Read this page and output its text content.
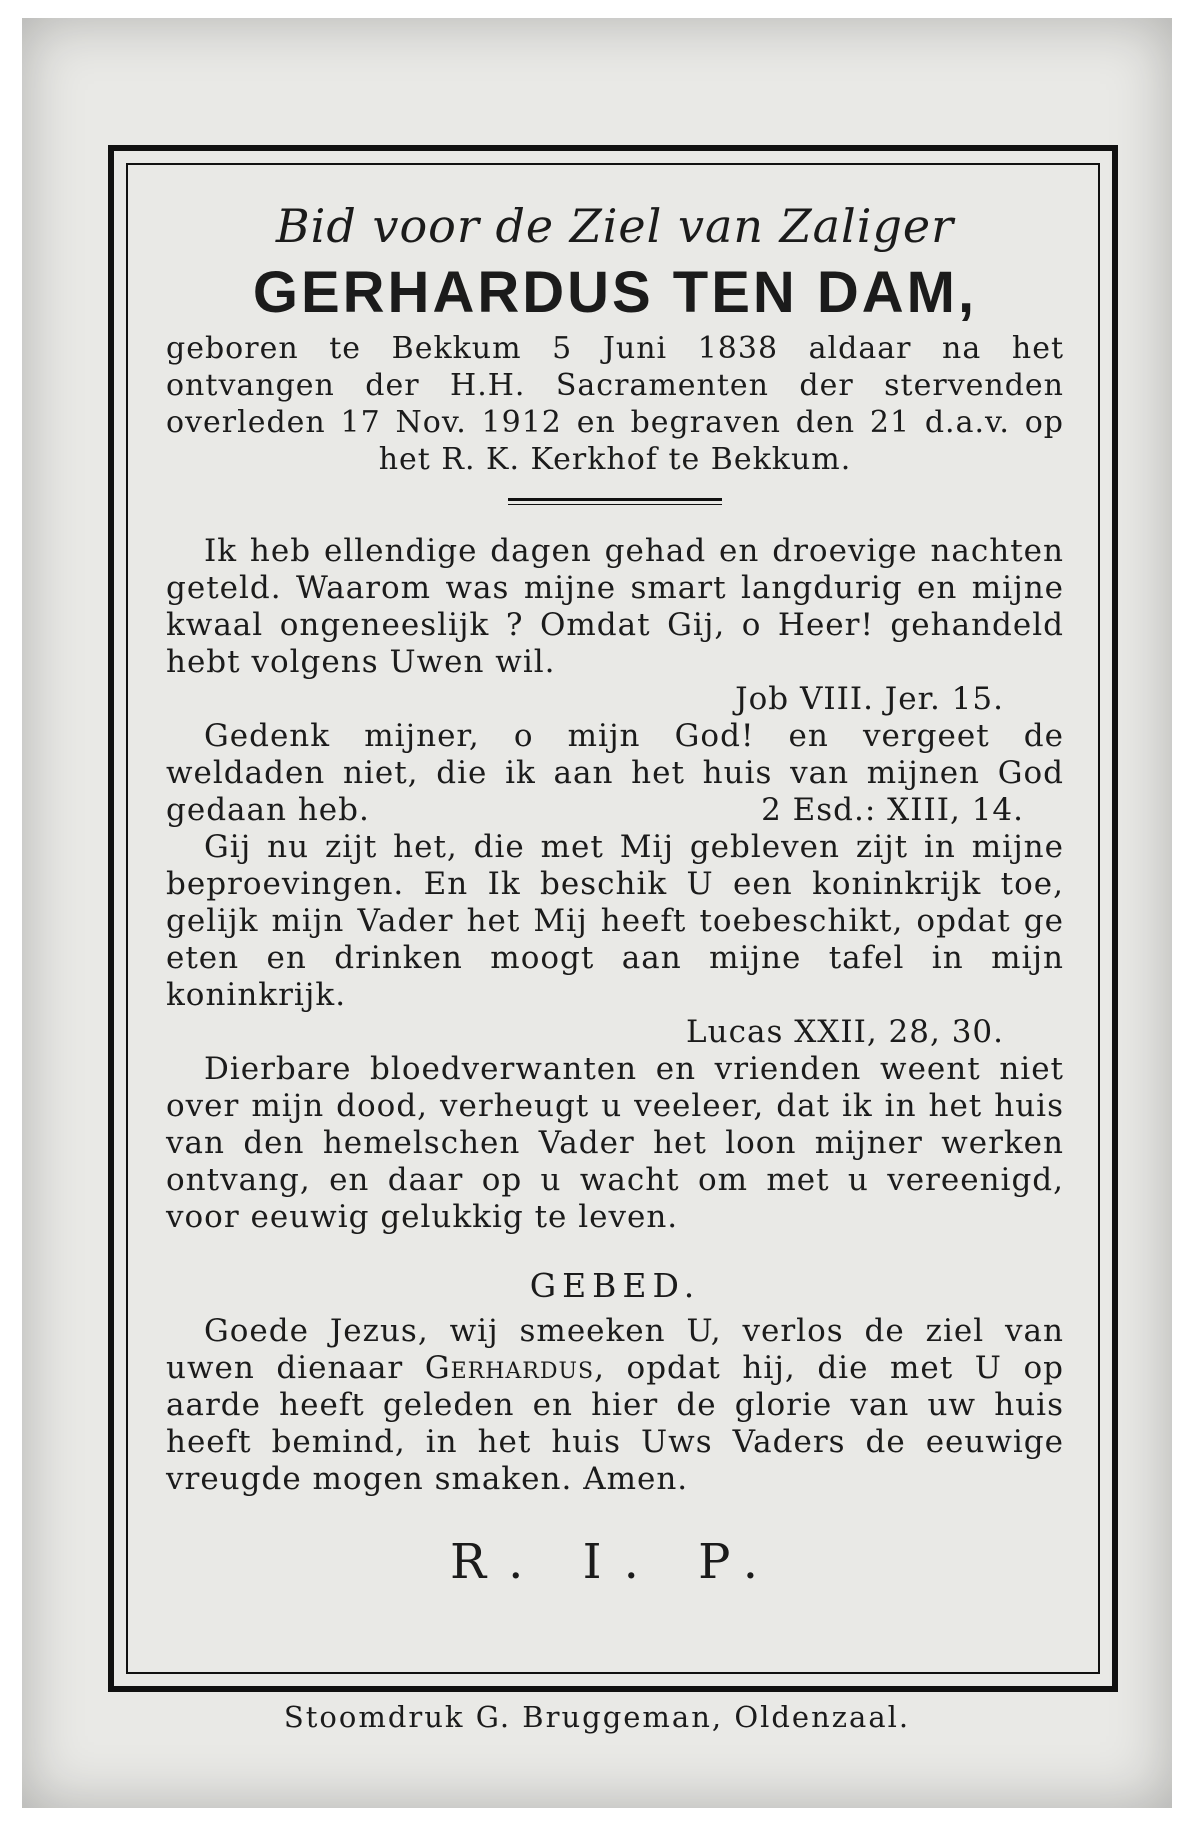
Bid voor de Ziel van Zaliger
GERHARDUS TEN DAM,
geboren te Bekkum 5 Juni 1838 aldaar na het ontvangen der H.H. Sacramenten der stervenden overleden 17 Nov. 1912 en begraven den 21 d.a.v. op het R. K. Kerkhof te Bekkum.

Ik heb ellendige dagen gehad en droevige nachten geteld. Waarom was mijne smart langdurig en mijne kwaal ongeneeslijk ? Omdat Gij, o Heer! gehandeld hebt volgens Uwen wil.

Job VIII. Jer. 15.

Gedenk mijner, o mijn God! en vergeet de weldaden niet, die ik aan het huis van mijnen God gedaan heb.	2 Esd.: XIII, 14.

Gij nu zijt het, die met Mij gebleven zijt in mijne beproevingen. En Ik beschik U een koninkrijk toe, gelijk mijn Vader het Mij heeft toebeschikt, opdat ge eten en drinken moogt aan mijne tafel in mijn koninkrijk.

Lucas XXII, 28, 30.

Dierbare bloedverwanten en vrienden weent niet over mijn dood, verheugt u veeleer, dat ik in het huis van den hemelschen Vader het loon mijner werken ontvang, en daar op u wacht om met u vereenigd, voor eeuwig gelukkig te leven.

GEBED.

Goede Jezus, wij smeeken U, verlos de ziel van uwen dienaar Gerhardus, opdat hij, die met U op aarde heeft geleden en hier de glorie van uw huis heeft bemind, in het huis Uws Vaders de eeuwige vreugde mogen smaken. Amen.

R. I. P.
Stoomdruk G. Bruggeman, Oldenzaal.
